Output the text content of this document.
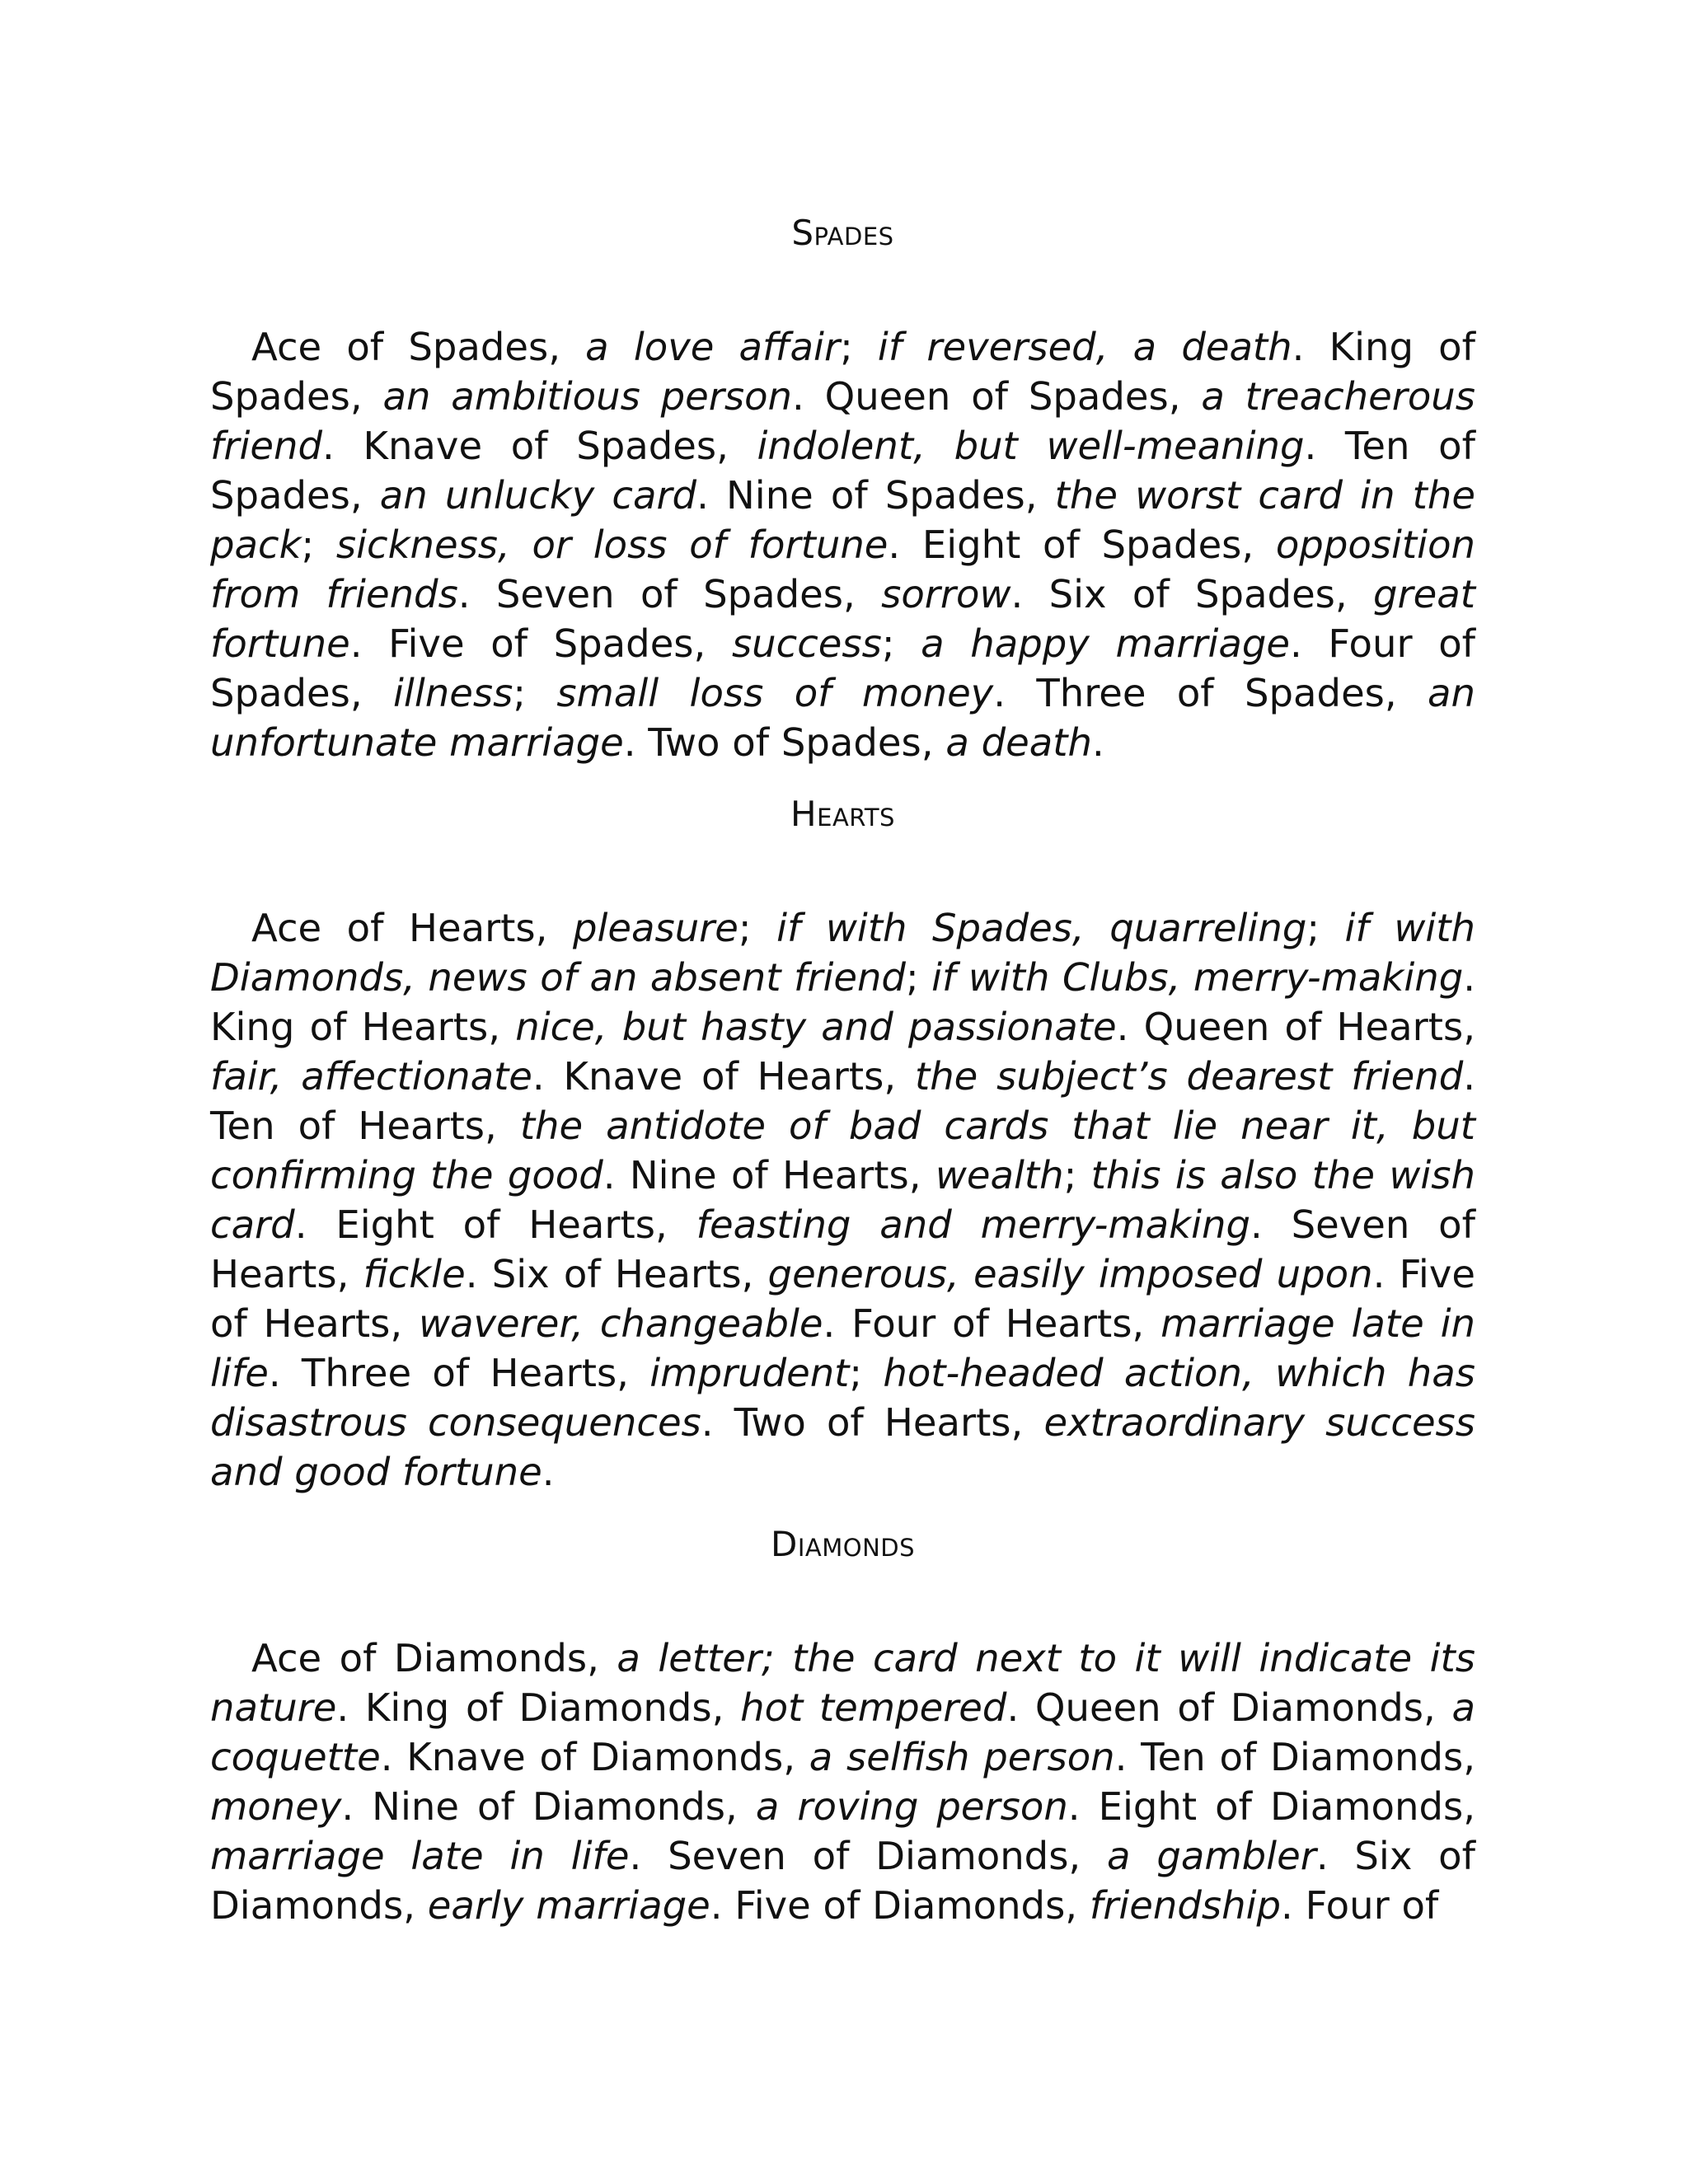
Spades

Ace of Spades, a love affair; if reversed, a death. King of Spades, an ambitious person. Queen of Spades, a treacherous friend. Knave of Spades, indolent, but well-meaning. Ten of Spades, an unlucky card. Nine of Spades, the worst card in the pack; sickness, or loss of fortune. Eight of Spades, opposition from friends. Seven of Spades, sorrow. Six of Spades, great fortune. Five of Spades, success; a happy marriage. Four of Spades, illness; small loss of money. Three of Spades, an unfortunate marriage. Two of Spades, a death.

Hearts

Ace of Hearts, pleasure; if with Spades, quarreling; if with Diamonds, news of an absent friend; if with Clubs, merry-making. King of Hearts, nice, but hasty and passionate. Queen of Hearts, fair, affectionate. Knave of Hearts, the subject’s dearest friend. Ten of Hearts, the antidote of bad cards that lie near it, but confirming the good. Nine of Hearts, wealth; this is also the wish card. Eight of Hearts, feasting and merry-making. Seven of Hearts, fickle. Six of Hearts, generous, easily imposed upon. Five of Hearts, waverer, changeable. Four of Hearts, marriage late in life. Three of Hearts, imprudent; hot-headed action, which has disastrous consequences. Two of Hearts, extraordinary success and good fortune.

Diamonds

Ace of Diamonds, a letter; the card next to it will indicate its nature. King of Diamonds, hot tempered. Queen of Diamonds, a coquette. Knave of Diamonds, a selfish person. Ten of Diamonds, money. Nine of Diamonds, a roving person. Eight of Diamonds, marriage late in life. Seven of Diamonds, a gambler. Six of Diamonds, early marriage. Five of Diamonds, friendship. Four of
